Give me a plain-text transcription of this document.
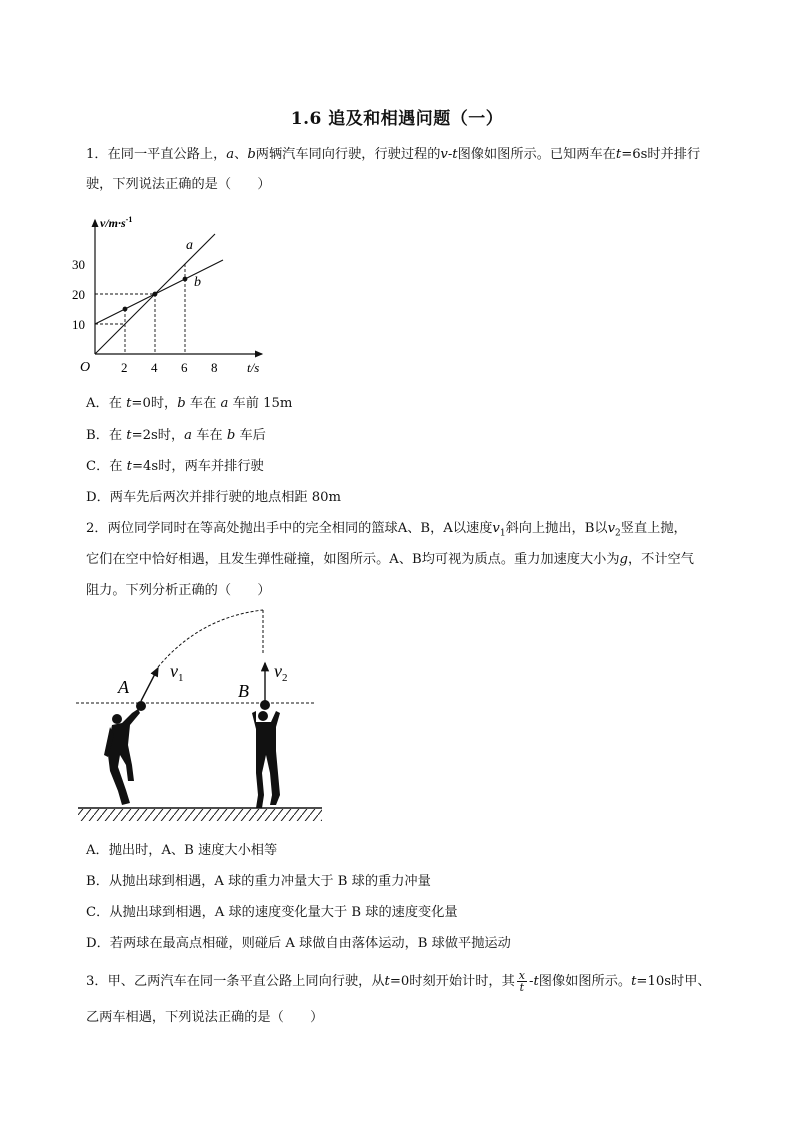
1.6 追及和相遇问题（一）
1．在同一平直公路上，a、b两辆汽车同向行驶，行驶过程的v-t图像如图所示。已知两车在t=6s时并排行
驶，下列说法正确的是（　　）
$v/m\cdot s^{-1}$
30
20
10
O 2 4 6 8 t/s
a
b
A．在 t=0时，b 车在 a 车前 15m
B．在 t=2s时，a 车在 b 车后
C．在 t=4s时，两车并排行驶
D．两车先后两次并排行驶的地点相距 80m
2．两位同学同时在等高处抛出手中的完全相同的篮球A、B，A以速度$v_1$斜向上抛出，B以$v_2$竖直上抛，
它们在空中恰好相遇，且发生弹性碰撞，如图所示。A、B均可视为质点。重力加速度大小为g，不计空气
阻力。下列分析正确的（　　）
$v_1$	$v_2$
A	B
A．抛出时，A、B 速度大小相等
B．从抛出球到相遇，A 球的重力冲量大于 B 球的重力冲量
C．从抛出球到相遇，A 球的速度变化量大于 B 球的速度变化量
D．若两球在最高点相碰，则碰后 A 球做自由落体运动，B 球做平抛运动
3．甲、乙两汽车在同一条平直公路上同向行驶，从t=0时刻开始计时，其 $\frac{x}{t} -t$图像如图所示。t=10s时甲、
乙两车相遇，下列说法正确的是（　　）
